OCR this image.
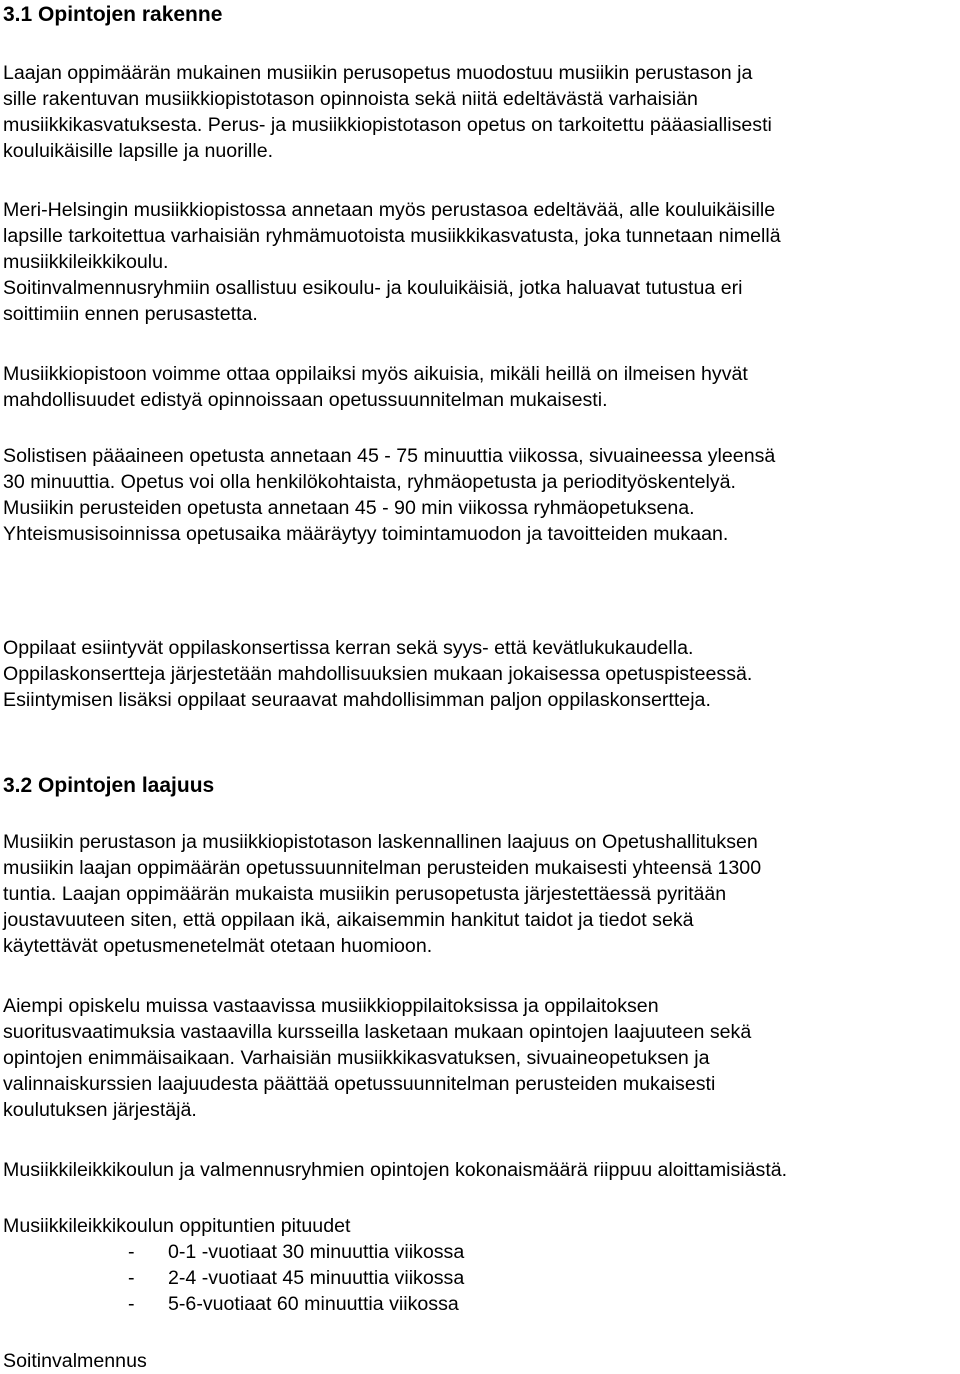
3.1 Opintojen rakenne

Laajan oppimäärän mukainen musiikin perusopetus muodostuu musiikin perustason ja
sille rakentuvan musiikkiopistotason opinnoista sekä niitä edeltävästä varhaisiän
musiikkikasvatuksesta. Perus- ja musiikkiopistotason opetus on tarkoitettu pääasiallisesti
kouluikäisille lapsille ja nuorille.

Meri-Helsingin musiikkiopistossa annetaan myös perustasoa edeltävää, alle kouluikäisille
lapsille tarkoitettua varhaisiän ryhmämuotoista musiikkikasvatusta, joka tunnetaan nimellä
musiikkileikkikoulu.
Soitinvalmennusryhmiin osallistuu esikoulu- ja kouluikäisiä, jotka haluavat tutustua eri
soittimiin ennen perusastetta.

Musiikkiopistoon voimme ottaa oppilaiksi myös aikuisia, mikäli heillä on ilmeisen hyvät
mahdollisuudet edistyä opinnoissaan opetussuunnitelman mukaisesti.

Solistisen pääaineen opetusta annetaan 45 - 75 minuuttia viikossa, sivuaineessa yleensä
30 minuuttia. Opetus voi olla henkilökohtaista, ryhmäopetusta ja periodityöskentelyä.
Musiikin perusteiden opetusta annetaan 45 - 90 min viikossa ryhmäopetuksena.
Yhteismusisoinnissa opetusaika määräytyy toimintamuodon ja tavoitteiden mukaan.

Oppilaat esiintyvät oppilaskonsertissa kerran sekä syys- että kevätlukukaudella.
Oppilaskonsertteja järjestetään mahdollisuuksien mukaan jokaisessa opetuspisteessä.
Esiintymisen lisäksi oppilaat seuraavat mahdollisimman paljon oppilaskonsertteja.

3.2 Opintojen laajuus

Musiikin perustason ja musiikkiopistotason laskennallinen laajuus on Opetushallituksen
musiikin laajan oppimäärän opetussuunnitelman perusteiden mukaisesti yhteensä 1300
tuntia. Laajan oppimäärän mukaista musiikin perusopetusta järjestettäessä pyritään
joustavuuteen siten, että oppilaan ikä, aikaisemmin hankitut taidot ja tiedot sekä
käytettävät opetusmenetelmät otetaan huomioon.

Aiempi opiskelu muissa vastaavissa musiikkioppilaitoksissa ja oppilaitoksen
suoritusvaatimuksia vastaavilla kursseilla lasketaan mukaan opintojen laajuuteen sekä
opintojen enimmäisaikaan. Varhaisiän musiikkikasvatuksen, sivuaineopetuksen ja
valinnaiskurssien laajuudesta päättää opetussuunnitelman perusteiden mukaisesti
koulutuksen järjestäjä.

Musiikkileikkikoulun ja valmennusryhmien opintojen kokonaismäärä riippuu aloittamisiästä.

Musiikkileikkikoulun oppituntien pituudet

- 0-1 -vuotiaat 30 minuuttia viikossa
- 2-4 -vuotiaat 45 minuuttia viikossa
- 5-6-vuotiaat 60 minuuttia viikossa

Soitinvalmennus
